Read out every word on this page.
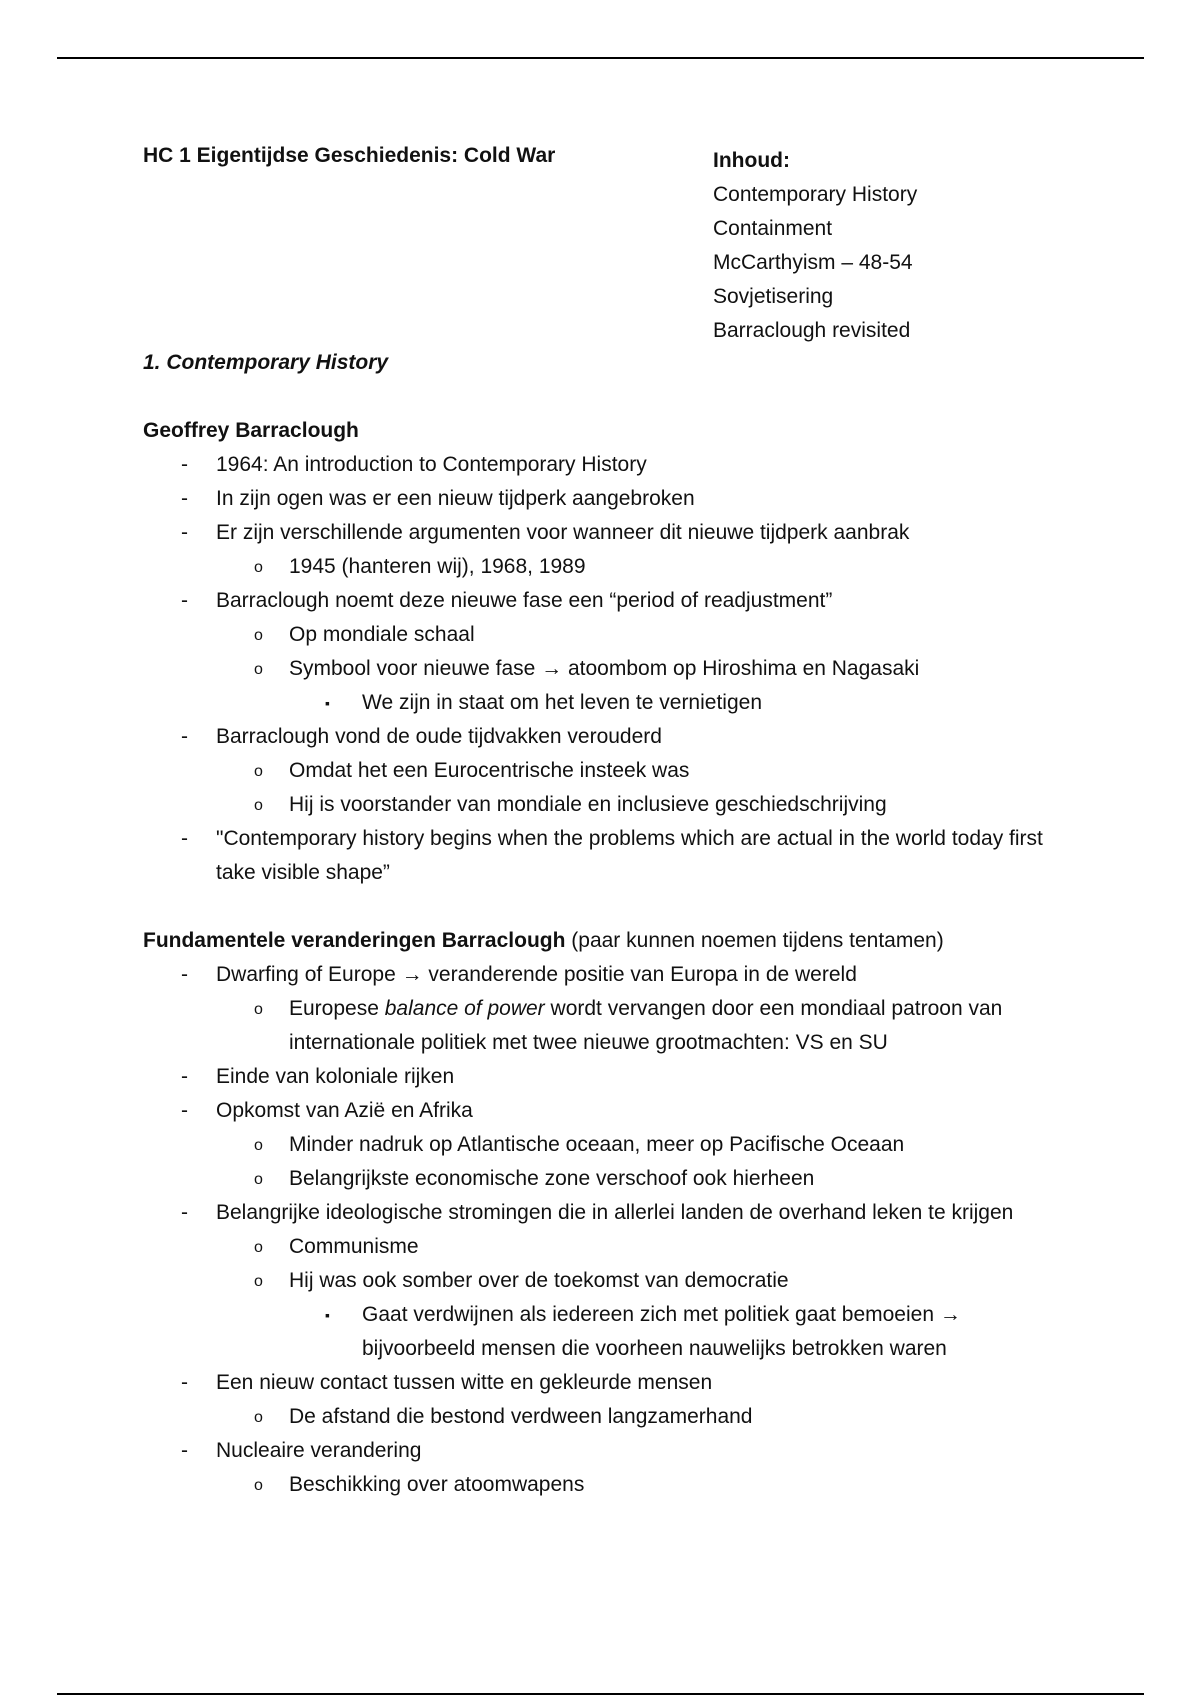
HC 1 Eigentijdse Geschiedenis: Cold War	Inhoud:
Contemporary History
Containment
McCarthyism – 48-54
Sovjetisering
Barraclough revisited

1. Contemporary History

Geoffrey Barraclough

- 1964: An introduction to Contemporary History
- In zijn ogen was er een nieuw tijdperk aangebroken
- Er zijn verschillende argumenten voor wanneer dit nieuwe tijdperk aanbrak
o 1945 (hanteren wij), 1968, 1989
- Barraclough noemt deze nieuwe fase een “period of readjustment”
o Op mondiale schaal
o Symbool voor nieuwe fase → atoombom op Hiroshima en Nagasaki
▪ We zijn in staat om het leven te vernietigen
- Barraclough vond de oude tijdvakken verouderd
o Omdat het een Eurocentrische insteek was
o Hij is voorstander van mondiale en inclusieve geschiedschrijving
- "Contemporary history begins when the problems which are actual in the world today first take visible shape”

Fundamentele veranderingen Barraclough (paar kunnen noemen tijdens tentamen)

- Dwarfing of Europe → veranderende positie van Europa in de wereld
o Europese balance of power wordt vervangen door een mondiaal patroon van internationale politiek met twee nieuwe grootmachten: VS en SU
- Einde van koloniale rijken
- Opkomst van Azië en Afrika
o Minder nadruk op Atlantische oceaan, meer op Pacifische Oceaan
o Belangrijkste economische zone verschoof ook hierheen
- Belangrijke ideologische stromingen die in allerlei landen de overhand leken te krijgen
o Communisme
o Hij was ook somber over de toekomst van democratie
▪ Gaat verdwijnen als iedereen zich met politiek gaat bemoeien → bijvoorbeeld mensen die voorheen nauwelijks betrokken waren
- Een nieuw contact tussen witte en gekleurde mensen
o De afstand die bestond verdween langzamerhand
- Nucleaire verandering
o Beschikking over atoomwapens
